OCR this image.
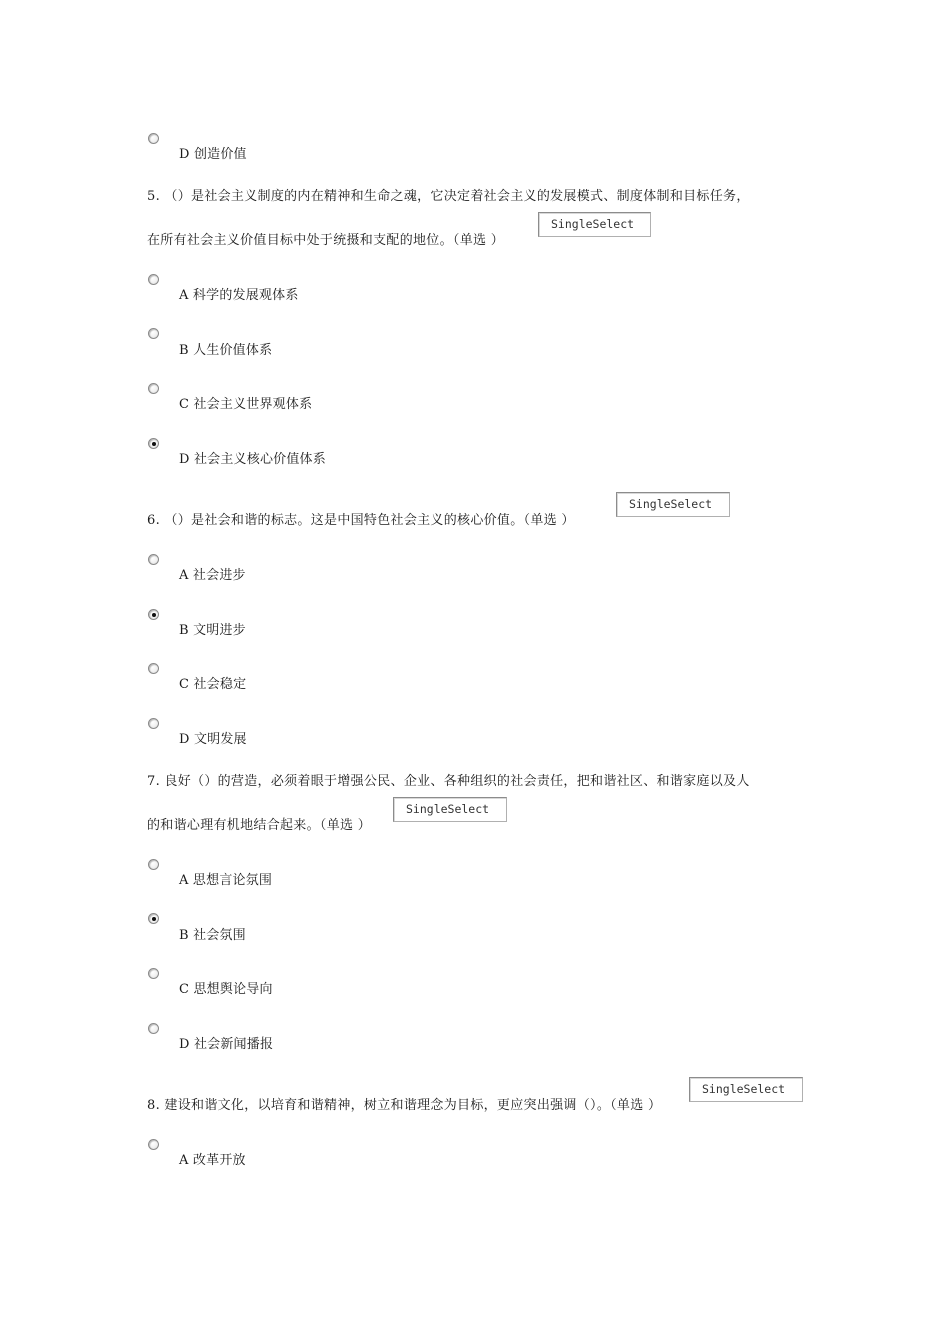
D 创造价值
5. （）是社会主义制度的内在精神和生命之魂，它决定着社会主义的发展模式、制度体制和目标任务，
在所有社会主义价值目标中处于统摄和支配的地位。（单选 ）
SingleSelect
A 科学的发展观体系
B 人生价值体系
C 社会主义世界观体系
D 社会主义核心价值体系
6. （）是社会和谐的标志。这是中国特色社会主义的核心价值。（单选 ）
SingleSelect
A 社会进步
B 文明进步
C 社会稳定
D 文明发展
7. 良好（）的营造，必须着眼于增强公民、企业、各种组织的社会责任，把和谐社区、和谐家庭以及人
的和谐心理有机地结合起来。（单选 ）
SingleSelect
A 思想言论氛围
B 社会氛围
C 思想舆论导向
D 社会新闻播报
8. 建设和谐文化，以培育和谐精神，树立和谐理念为目标，更应突出强调（）。（单选 ）
SingleSelect
A 改革开放
